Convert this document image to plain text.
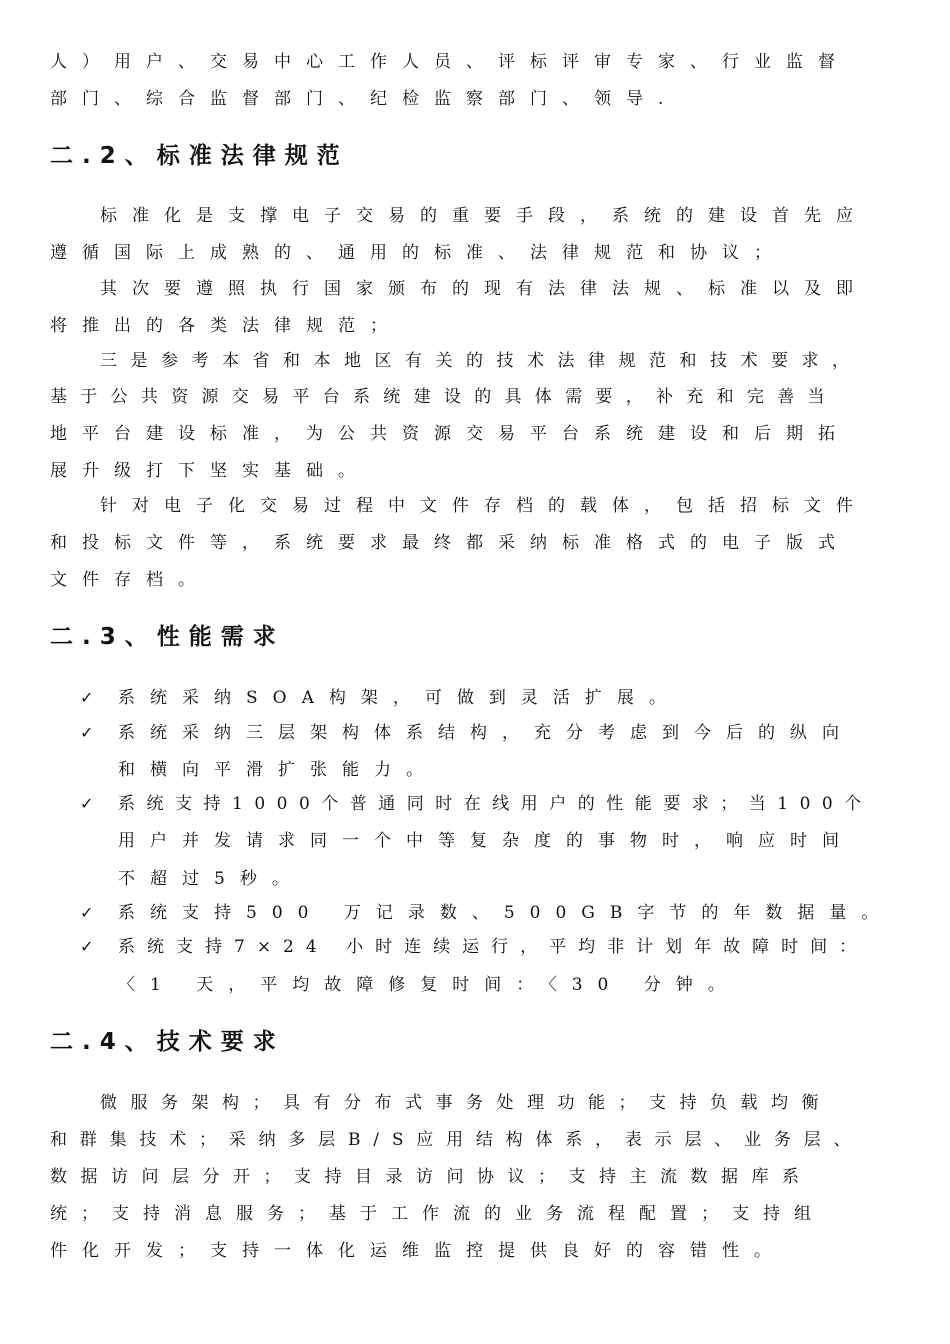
人）用户、交易中心工作人员、评标评审专家、行业监督
部门、综合监督部门、纪检监察部门、领导.
二.2、标准法律规范
标准化是支撑电子交易的重要手段，系统的建设首先应
遵循国际上成熟的、通用的标准、法律规范和协议；
其次要遵照执行国家颁布的现有法律法规、标准以及即
将推出的各类法律规范；
三是参考本省和本地区有关的技术法律规范和技术要求，
基于公共资源交易平台系统建设的具体需要，补充和完善当
地平台建设标准，为公共资源交易平台系统建设和后期拓
展升级打下坚实基础。
针对电子化交易过程中文件存档的载体，包括招标文件
和投标文件等，系统要求最终都采纳标准格式的电子版式
文件存档。
二.3、性能需求
✓ 系统采纳SOA构架，可做到灵活扩展。
✓ 系统采纳三层架构体系结构，充分考虑到今后的纵向
和横向平滑扩张能力。
✓ 系统支持1000个普通同时在线用户的性能要求；当100个
用户并发请求同一个中等复杂度的事物时，响应时间
不超过5秒。
✓ 系统支持500 万记录数、500GB字节的年数据量。
✓ 系统支持7×24 小时连续运行，平均非计划年故障时间：
〈1 天，平均故障修复时间：〈30 分钟。
二.4、技术要求
微服务架构；具有分布式事务处理功能；支持负载均衡
和群集技术；采纳多层B/S应用结构体系，表示层、业务层、
数据访问层分开；支持目录访问协议；支持主流数据库系
统；支持消息服务；基于工作流的业务流程配置；支持组
件化开发；支持一体化运维监控提供良好的容错性。
